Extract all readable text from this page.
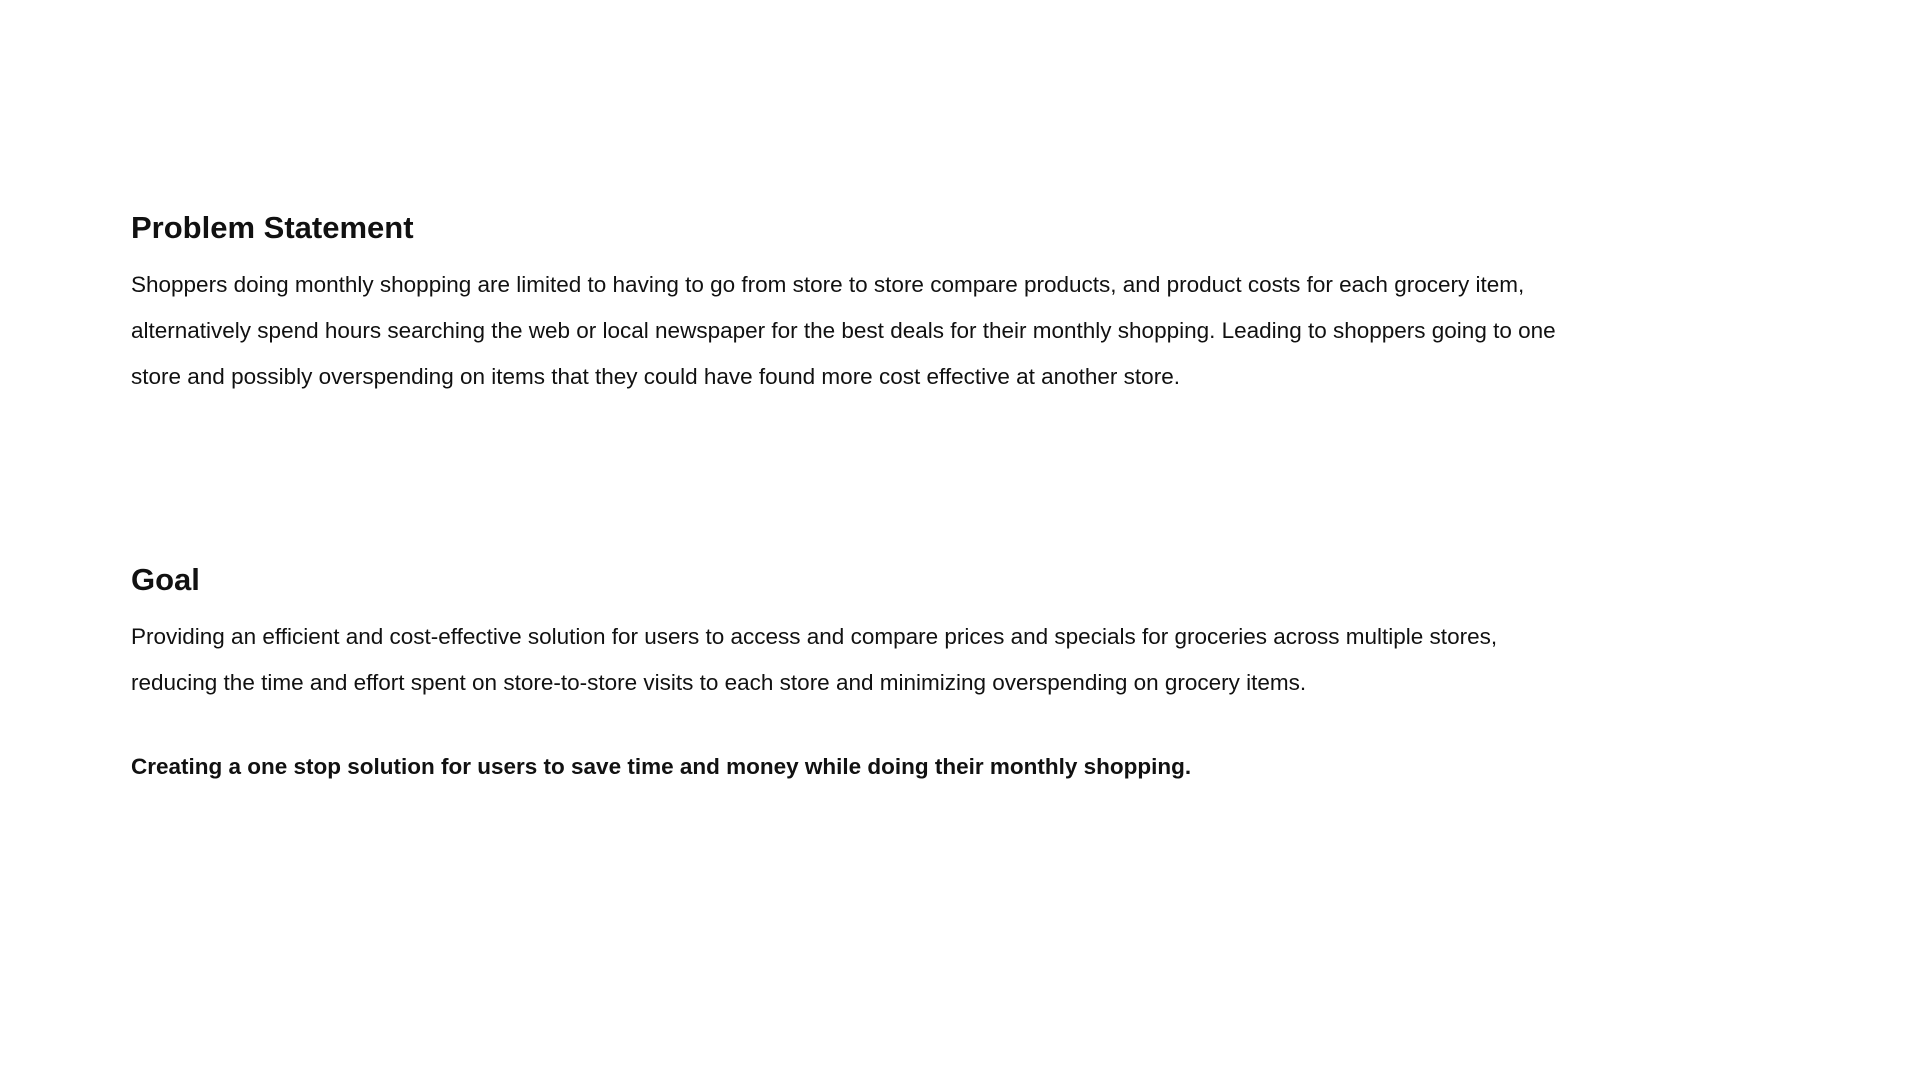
Problem Statement

Shoppers doing monthly shopping are limited to having to go from store to store compare products, and product costs for each grocery item, alternatively spend hours searching the web or local newspaper for the best deals for their monthly shopping. Leading to shoppers going to one store and possibly overspending on items that they could have found more cost effective at another store.

Goal

Providing an efficient and cost-effective solution for users to access and compare prices and specials for groceries across multiple stores, reducing the time and effort spent on store-to-store visits to each store and minimizing overspending on grocery items.

Creating a one stop solution for users to save time and money while doing their monthly shopping.
